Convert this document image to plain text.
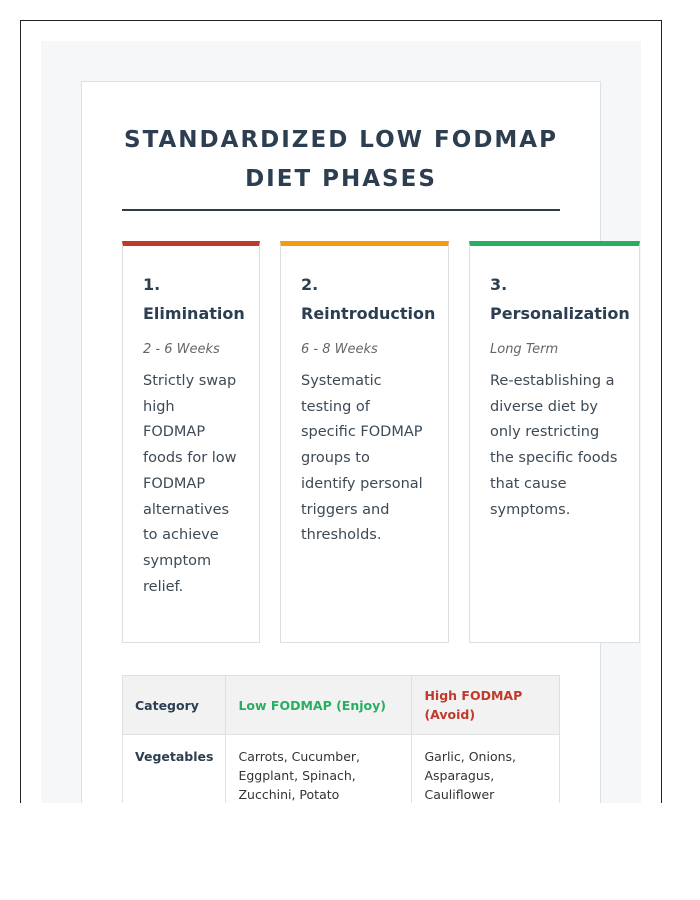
STANDARDIZED LOW FODMAP DIET PHASES
1.
Elimination
2 - 6 Weeks

Strictly swap high FODMAP foods for low FODMAP alternatives to achieve symptom relief.

2.
Reintroduction
6 - 8 Weeks

Systematic testing of specific FODMAP groups to identify personal triggers and thresholds.

3.
Personalization
Long Term

Re-establishing a diverse diet by only restricting the specific foods that cause symptoms.

Category	Low FODMAP (Enjoy)	High FODMAP (Avoid)
Vegetables	Carrots, Cucumber, Eggplant, Spinach, Zucchini, Potato	Garlic, Onions, Asparagus, Cauliflower
